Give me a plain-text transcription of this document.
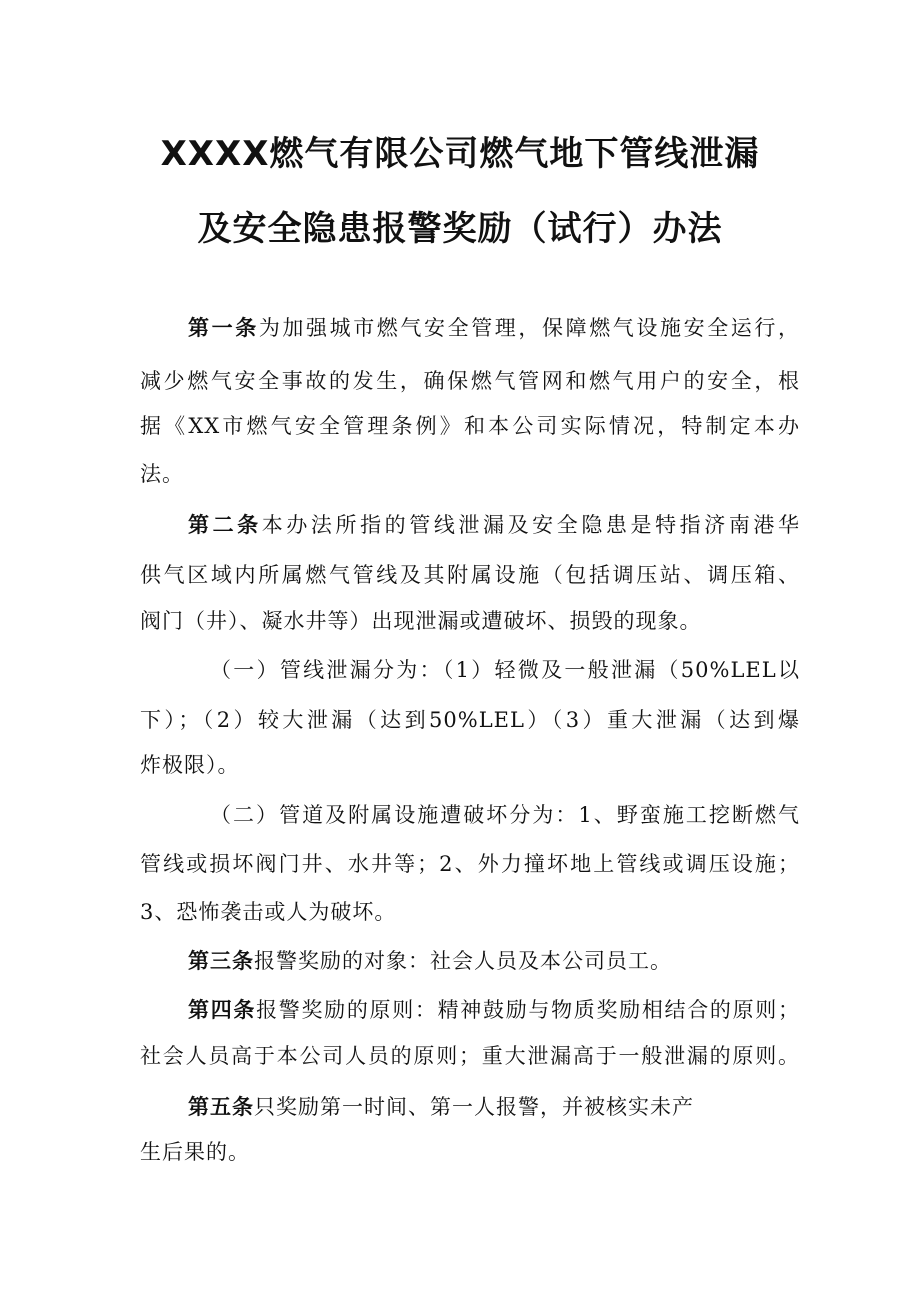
XXXX燃气有限公司燃气地下管线泄漏
及安全隐患报警奖励（试行）办法
第一条为加强城市燃气安全管理，保障燃气设施安全运行，
减少燃气安全事故的发生，确保燃气管网和燃气用户的安全，根
据《XX市燃气安全管理条例》和本公司实际情况，特制定本办
法。
第二条本办法所指的管线泄漏及安全隐患是特指济南港华
供气区域内所属燃气管线及其附属设施（包括调压站、调压箱、
阀门（井）、凝水井等）出现泄漏或遭破坏、损毁的现象。
（一）管线泄漏分为：（1）轻微及一般泄漏（50%LEL以
下）；（2）较大泄漏（达到50%LEL）（3）重大泄漏（达到爆
炸极限）。
（二）管道及附属设施遭破坏分为：1、野蛮施工挖断燃气
管线或损坏阀门井、水井等；2、外力撞坏地上管线或调压设施；
3、恐怖袭击或人为破坏。
第三条报警奖励的对象：社会人员及本公司员工。
第四条报警奖励的原则：精神鼓励与物质奖励相结合的原则；
社会人员高于本公司人员的原则；重大泄漏高于一般泄漏的原则。
第五条只奖励第一时间、第一人报警，并被核实未产
生后果的。
